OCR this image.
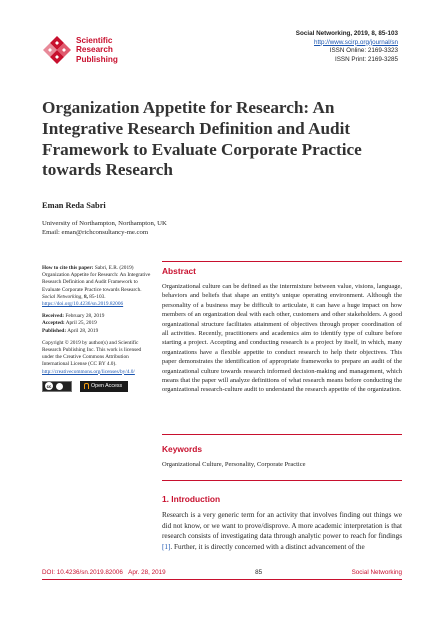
Scientific
Research
Publishing
Social Networking, 2019, 8, 85-103
http://www.scirp.org/journal/sn
ISSN Online: 2169-3323
ISSN Print: 2169-3285
Organization Appetite for Research: An Integrative Research Definition and Audit Framework to Evaluate Corporate Practice towards Research
Eman Reda Sabri
University of Northampton, Northampton, UK
Email: eman@richconsultancy-me.com
How to cite this paper: Sabri, E.R. (2019) Organization Appetite for Research: An Integrative Research Definition and Audit Framework to Evaluate Corporate Practice towards Research. Social Networking, 8, 85-103.
https://doi.org/10.4236/sn.2019.82006
Received: February 28, 2019
Accepted: April 25, 2019
Published: April 28, 2019
Copyright © 2019 by author(s) and Scientific Research Publishing Inc. This work is licensed under the Creative Commons Attribution International License (CC BY 4.0).
http://creativecommons.org/licenses/by/4.0/
cc	Open Access
Abstract
Organizational culture can be defined as the intermixture between value, visions, language, behaviors and beliefs that shape an entity's unique operating environment. Although the personality of a business may be difficult to articulate, it can have a huge impact on how members of an organization deal with each other, customers and other stakeholders. A good organizational structure facilitates attainment of objectives through proper coordination of all activities. Recently, practitioners and academics aim to identify type of culture before starting a project. Accepting and conducting research is a project by itself, in which, many organizations have a flexible appetite to conduct research to help their objectives. This paper demonstrates the identification of appropriate frameworks to prepare an audit of the organizational culture towards research informed decision-making and management, which means that the paper will analyze definitions of what research means before conducting the organizational research-culture audit to understand the research appetite of the organization.
Keywords
Organizational Culture, Personality, Corporate Practice
1. Introduction
Research is a very generic term for an activity that involves finding out things we did not know, or we want to prove/disprove. A more academic interpretation is that research consists of investigating data through analytic power to reach for findings [1]. Further, it is directly concerned with a distinct advancement of the
DOI: 10.4236/sn.2019.82006 Apr. 28, 2019	85	Social Networking
